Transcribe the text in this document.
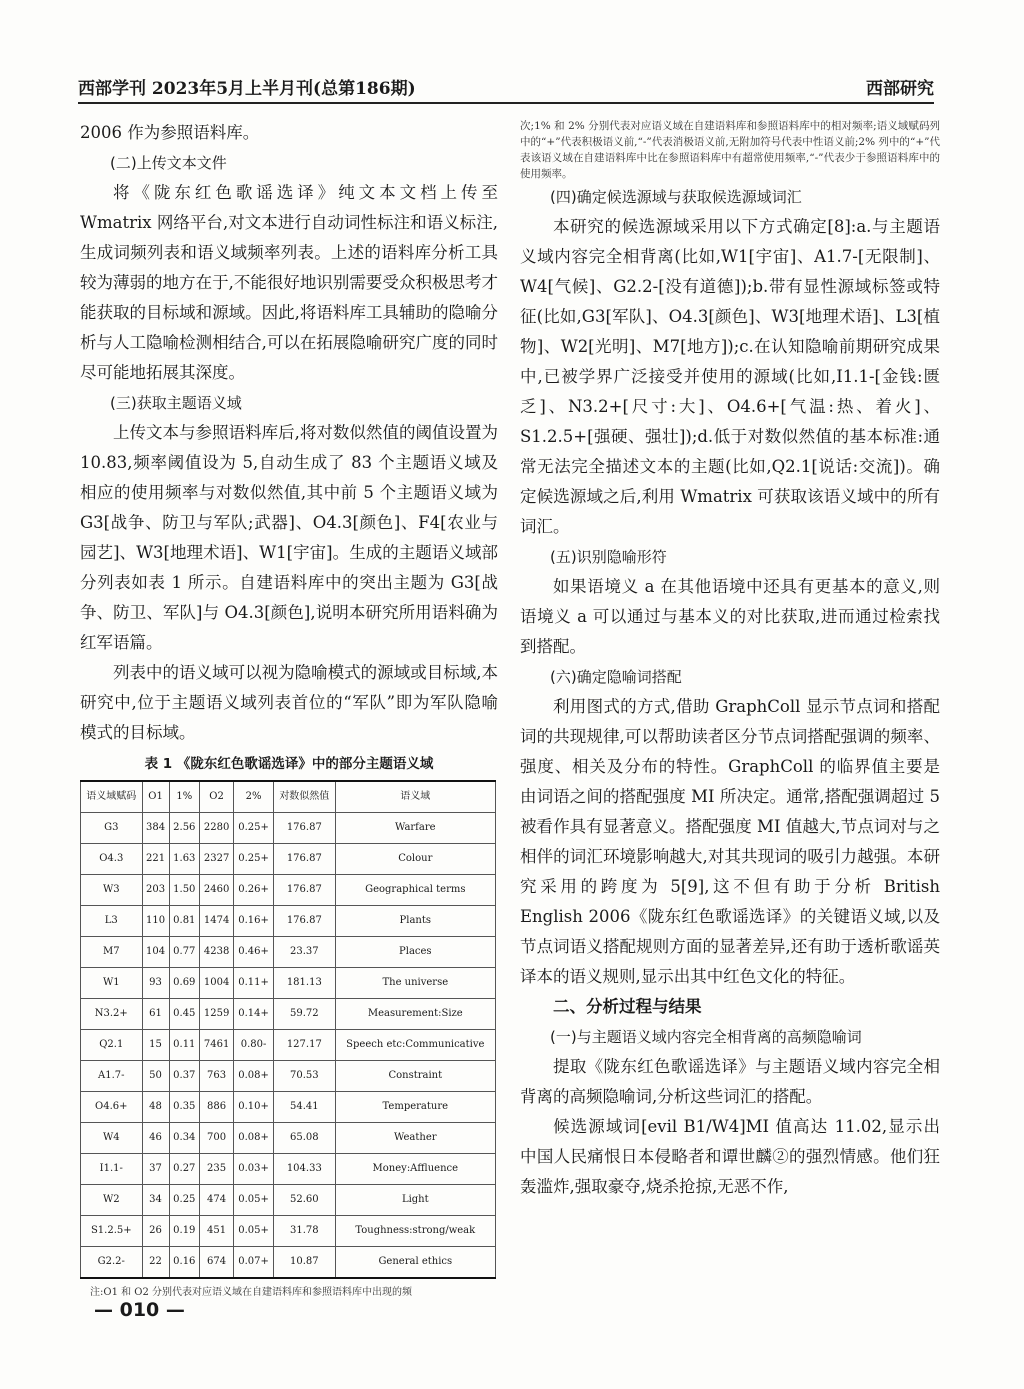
西部学刊 2023年5月上半月刊(总第186期)	西部研究

2006 作为参照语料库。

(二)上传文本文件

将《陇东红色歌谣选译》纯文本文档上传至 Wmatrix 网络平台,对文本进行自动词性标注和语义标注,生成词频列表和语义域频率列表。上述的语料库分析工具较为薄弱的地方在于,不能很好地识别需要受众积极思考才能获取的目标域和源域。因此,将语料库工具辅助的隐喻分析与人工隐喻检测相结合,可以在拓展隐喻研究广度的同时尽可能地拓展其深度。

(三)获取主题语义域

上传文本与参照语料库后,将对数似然值的阈值设置为 10.83,频率阈值设为 5,自动生成了 83 个主题语义域及相应的使用频率与对数似然值,其中前 5 个主题语义域为 G3[战争、防卫与军队;武器]、O4.3[颜色]、F4[农业与园艺]、W3[地理术语]、W1[宇宙]。生成的主题语义域部分列表如表 1 所示。自建语料库中的突出主题为 G3[战争、防卫、军队]与 O4.3[颜色],说明本研究所用语料确为红军语篇。

列表中的语义域可以视为隐喻模式的源域或目标域,本研究中,位于主题语义域列表首位的“军队”即为军队隐喻模式的目标域。

表 1 《陇东红色歌谣选译》中的部分主题语义域
语义域赋码	O1	1%	O2	2%	对数似然值	语义域
G3	384	2.56	2280	0.25+	176.87	Warfare
O4.3	221	1.63	2327	0.25+	176.87	Colour
W3	203	1.50	2460	0.26+	176.87	Geographical terms
L3	110	0.81	1474	0.16+	176.87	Plants
M7	104	0.77	4238	0.46+	23.37	Places
W1	93	0.69	1004	0.11+	181.13	The universe
N3.2+	61	0.45	1259	0.14+	59.72	Measurement:Size
Q2.1	15	0.11	7461	0.80-	127.17	Speech etc:Communicative
A1.7-	50	0.37	763	0.08+	70.53	Constraint
O4.6+	48	0.35	886	0.10+	54.41	Temperature
W4	46	0.34	700	0.08+	65.08	Weather
I1.1-	37	0.27	235	0.03+	104.33	Money:Affluence
W2	34	0.25	474	0.05+	52.60	Light
S1.2.5+	26	0.19	451	0.05+	31.78	Toughness:strong/weak
G2.2-	22	0.16	674	0.07+	10.87	General ethics
注:O1 和 O2 分别代表对应语义域在自建语料库和参照语料库中出现的频

次;1% 和 2% 分别代表对应语义域在自建语料库和参照语料库中的相对频率;语义域赋码列中的“+”代表积极语义前,“-”代表消极语义前,无附加符号代表中性语义前;2% 列中的“+”代表该语义域在自建语料库中比在参照语料库中有超常使用频率,“-”代表少于参照语料库中的使用频率。

(四)确定候选源域与获取候选源域词汇

本研究的候选源域采用以下方式确定[8]:a.与主题语义域内容完全相背离(比如,W1[宇宙]、A1.7-[无限制]、W4[气候]、G2.2-[没有道德]);b.带有显性源域标签或特征(比如,G3[军队]、O4.3[颜色]、W3[地理术语]、L3[植物]、W2[光明]、M7[地方]);c.在认知隐喻前期研究成果中,已被学界广泛接受并使用的源域(比如,I1.1-[金钱:匮乏]、N3.2+[尺寸:大]、O4.6+[气温:热、着火]、S1.2.5+[强硬、强壮]);d.低于对数似然值的基本标准:通常无法完全描述文本的主题(比如,Q2.1[说话:交流])。确定候选源域之后,利用 Wmatrix 可获取该语义域中的所有词汇。

(五)识别隐喻形符

如果语境义 a 在其他语境中还具有更基本的意义,则语境义 a 可以通过与基本义的对比获取,进而通过检索找到搭配。

(六)确定隐喻词搭配

利用图式的方式,借助 GraphColl 显示节点词和搭配词的共现规律,可以帮助读者区分节点词搭配强调的频率、强度、相关及分布的特性。GraphColl 的临界值主要是由词语之间的搭配强度 MI 所决定。通常,搭配强调超过 5 被看作具有显著意义。搭配强度 MI 值越大,节点词对与之相伴的词汇环境影响越大,对其共现词的吸引力越强。本研究采用的跨度为 5[9],这不但有助于分析 British English 2006《陇东红色歌谣选译》的关键语义域,以及节点词语义搭配规则方面的显著差异,还有助于透析歌谣英译本的语义规则,显示出其中红色文化的特征。

二、分析过程与结果

(一)与主题语义域内容完全相背离的高频隐喻词

提取《陇东红色歌谣选译》与主题语义域内容完全相背离的高频隐喻词,分析这些词汇的搭配。

候选源域词[evil B1/W4]MI 值高达 11.02,显示出中国人民痛恨日本侵略者和谭世麟②的强烈情感。他们狂轰滥炸,强取豪夺,烧杀抢掠,无恶不作,

— 010 —
